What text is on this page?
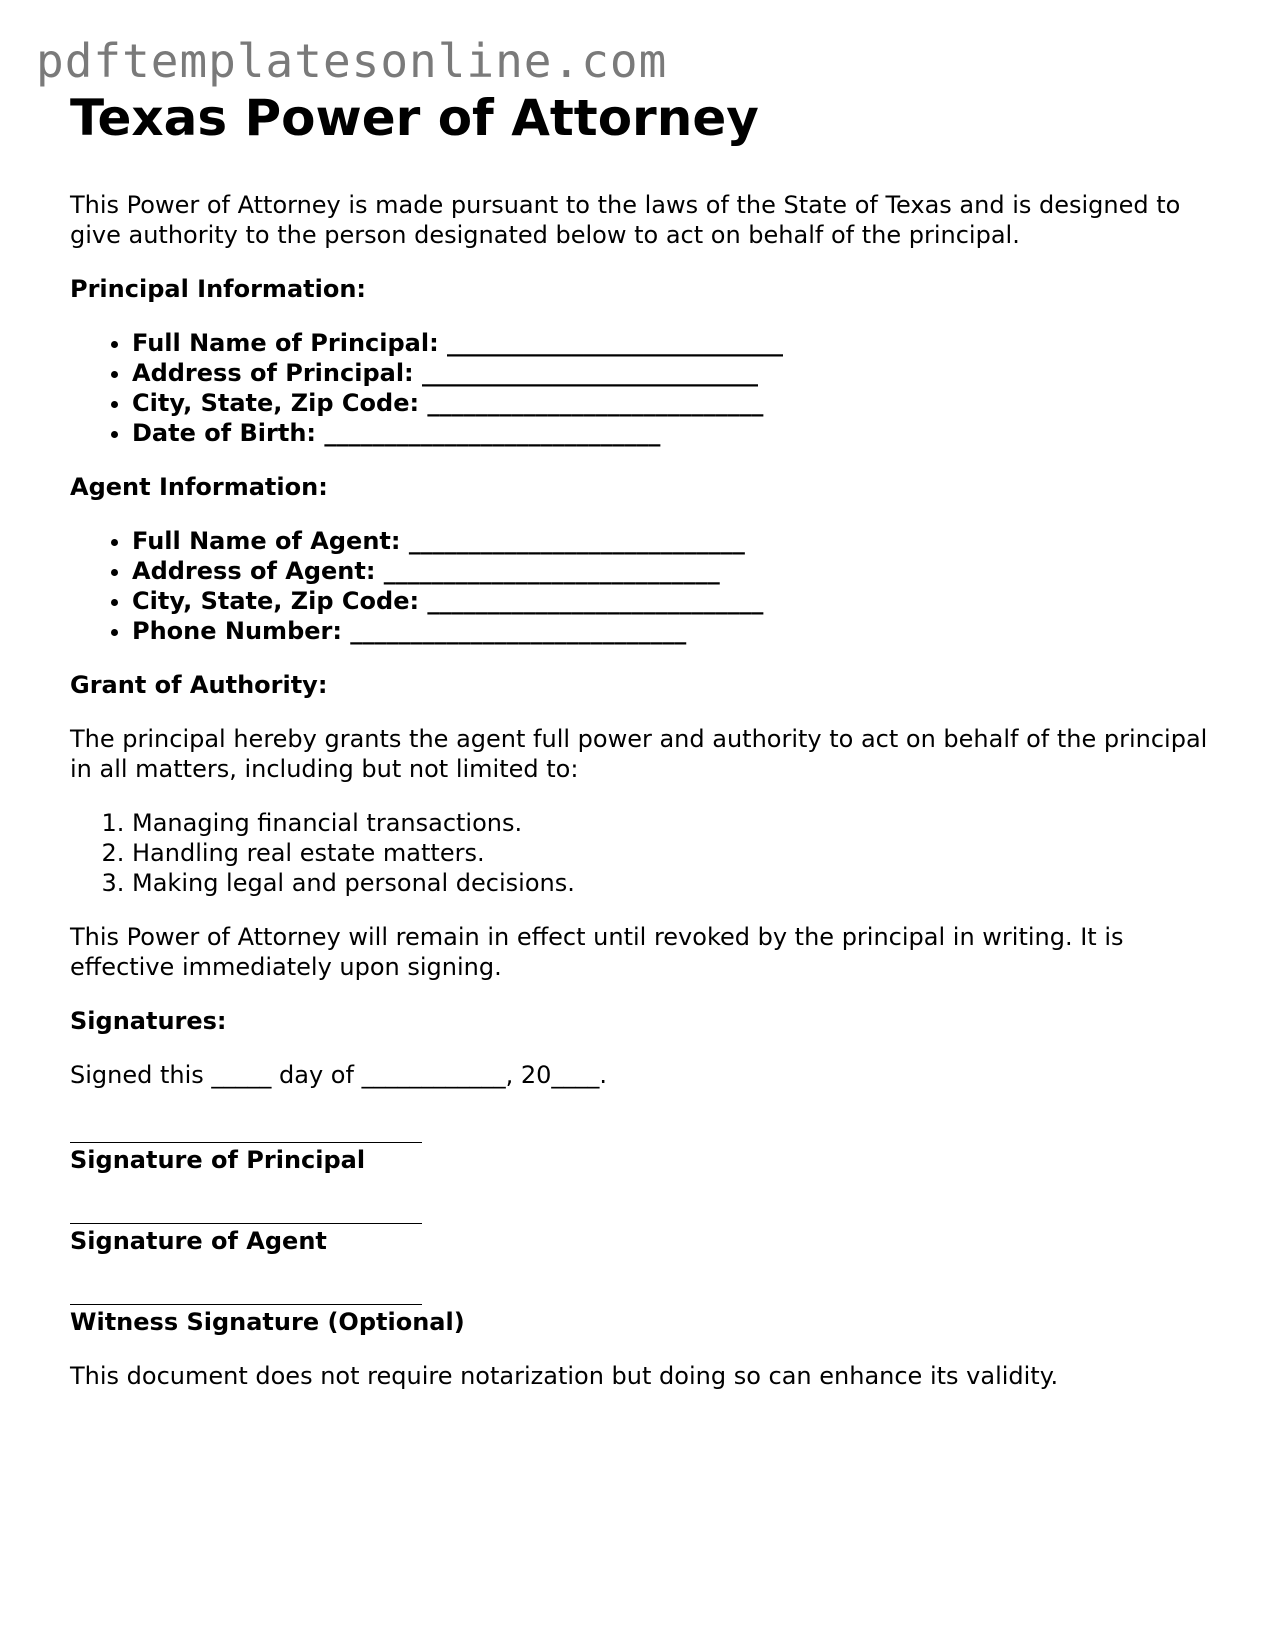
pdftemplatesonline.com
Texas Power of Attorney

This Power of Attorney is made pursuant to the laws of the State of Texas and is designed to give authority to the person designated below to act on behalf of the principal.

Principal Information:
• Full Name of Principal: ____________________________
• Address of Principal: ____________________________
• City, State, Zip Code: ____________________________
• Date of Birth: ____________________________
Agent Information:
• Full Name of Agent: ____________________________
• Address of Agent: ____________________________
• City, State, Zip Code: ____________________________
• Phone Number: ____________________________
Grant of Authority:

The principal hereby grants the agent full power and authority to act on behalf of the principal in all matters, including but not limited to:

1. Managing financial transactions.
2. Handling real estate matters.
3. Making legal and personal decisions.

This Power of Attorney will remain in effect until revoked by the principal in writing. It is effective immediately upon signing.

Signatures:

Signed this _____ day of ____________, 20____.

Signature of Principal
Signature of Agent
Witness Signature (Optional)

This document does not require notarization but doing so can enhance its validity.
